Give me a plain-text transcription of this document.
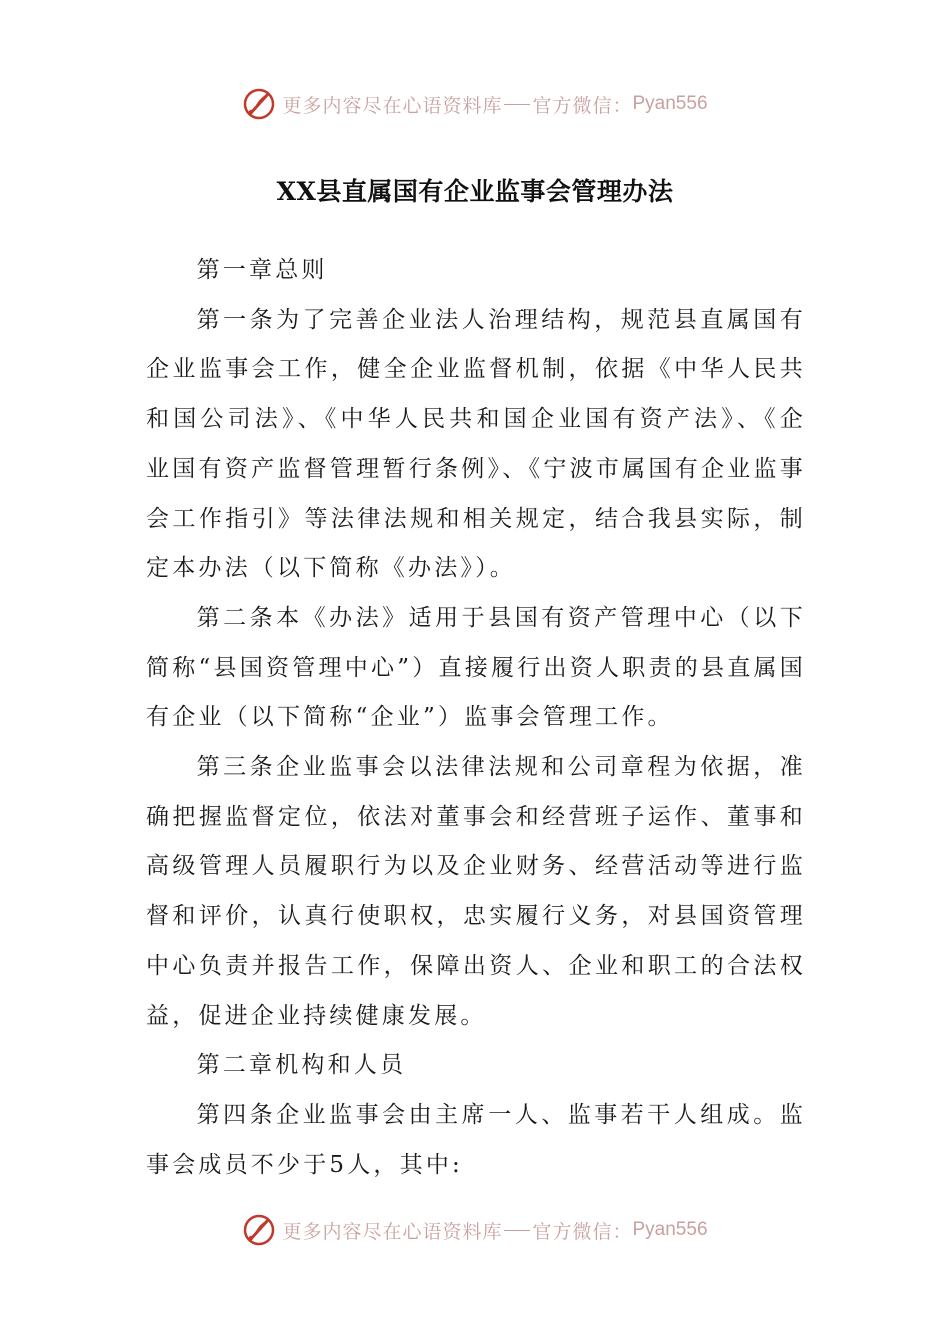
更多内容尽在心语资料库 官方微信： Pyan556
XX县直属国有企业监事会管理办法

第一章总则

第一条为了完善企业法人治理结构，规范县直属国有企业监事会工作，健全企业监督机制，依据《中华人民共和国公司法》、《中华人民共和国企业国有资产法》、《企业国有资产监督管理暂行条例》、《宁波市属国有企业监事会工作指引》等法律法规和相关规定，结合我县实际，制定本办法（以下简称《办法》）。

第二条本《办法》适用于县国有资产管理中心（以下简称“县国资管理中心”）直接履行出资人职责的县直属国有企业（以下简称“企业”）监事会管理工作。

第三条企业监事会以法律法规和公司章程为依据，准确把握监督定位，依法对董事会和经营班子运作、董事和高级管理人员履职行为以及企业财务、经营活动等进行监督和评价，认真行使职权，忠实履行义务，对县国资管理中心负责并报告工作，保障出资人、企业和职工的合法权益，促进企业持续健康发展。

第二章机构和人员

第四条企业监事会由主席一人、监事若干人组成。监事会成员不少于5人，其中:

更多内容尽在心语资料库 官方微信： Pyan556
